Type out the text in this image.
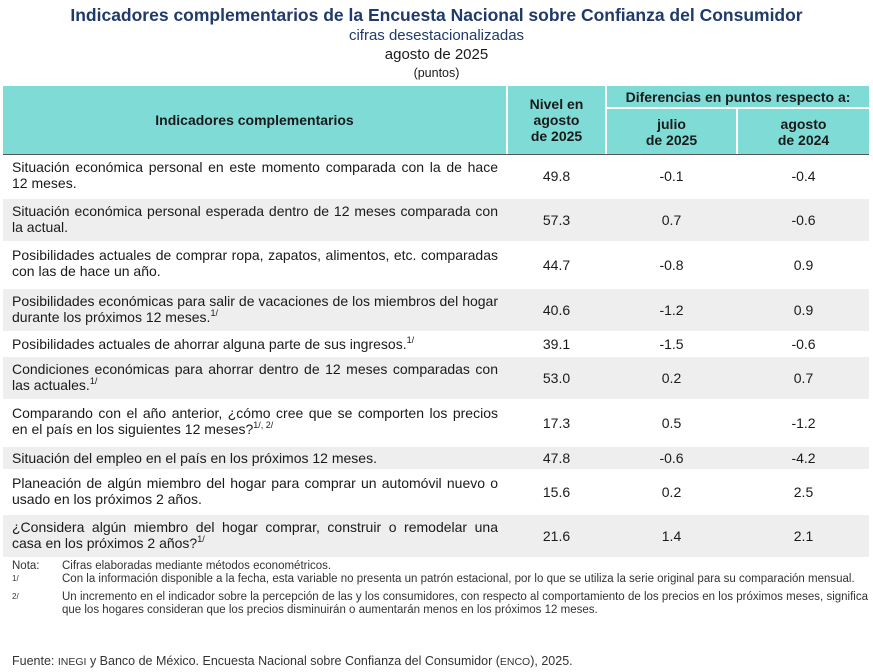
Indicadores complementarios de la Encuesta Nacional sobre Confianza del Consumidor
cifras desestacionalizadas
agosto de 2025
(puntos)
Indicadores complementarios
Nivel en
agosto
de 2025
Diferencias en puntos respecto a:
julio
de 2025
agosto
de 2024
Situación económica personal en este momento comparada con la de hace 12 meses.	49.8	-0.1	-0.4
Situación económica personal esperada dentro de 12 meses comparada con la actual.	57.3	0.7	-0.6
Posibilidades actuales de comprar ropa, zapatos, alimentos, etc. comparadas con las de hace un año.	44.7	-0.8	0.9
Posibilidades económicas para salir de vacaciones de los miembros del hogar durante los próximos 12 meses.$^{1/}$	40.6	-1.2	0.9
Posibilidades actuales de ahorrar alguna parte de sus ingresos.$^{1/}$	39.1	-1.5	-0.6
Condiciones económicas para ahorrar dentro de 12 meses comparadas con las actuales.$^{1/}$	53.0	0.2	0.7
Comparando con el año anterior, ¿cómo cree que se comporten los precios en el país en los siguientes 12 meses?$^{1/, 2/}$	17.3	0.5	-1.2
Situación del empleo en el país en los próximos 12 meses.	47.8	-0.6	-4.2
Planeación de algún miembro del hogar para comprar un automóvil nuevo o usado en los próximos 2 años.	15.6	0.2	2.5
¿Considera algún miembro del hogar comprar, construir o remodelar una casa en los próximos 2 años?$^{1/}$	21.6	1.4	2.1
Nota:	Cifras elaboradas mediante métodos econométricos.
1/	Con la información disponible a la fecha, esta variable no presenta un patrón estacional, por lo que se utiliza la serie original para su comparación mensual.
2/	Un incremento en el indicador sobre la percepción de las y los consumidores, con respecto al comportamiento de los precios en los próximos meses, significa que los hogares consideran que los precios disminuirán o aumentarán menos en los próximos 12 meses.
Fuente: INEGI y Banco de México. Encuesta Nacional sobre Confianza del Consumidor (ENCO), 2025.
